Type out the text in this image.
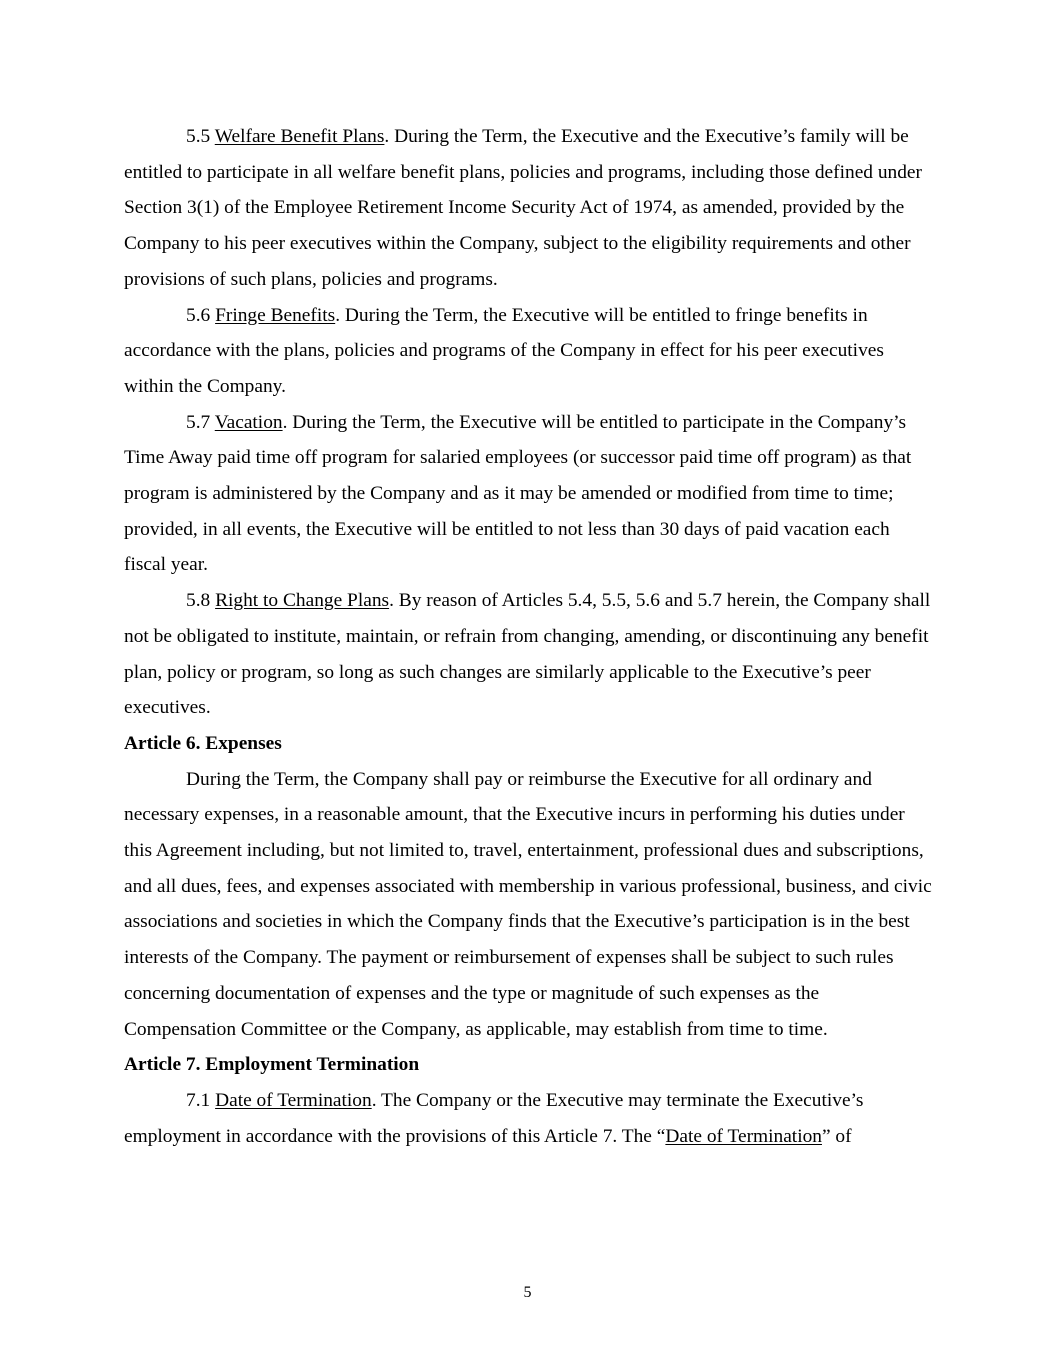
5.5 Welfare Benefit Plans. During the Term, the Executive and the Executive’s family will be entitled to participate in all welfare benefit plans, policies and programs, including those defined under Section 3(1) of the Employee Retirement Income Security Act of 1974, as amended, provided by the Company to his peer executives within the Company, subject to the eligibility requirements and other provisions of such plans, policies and programs.

5.6 Fringe Benefits. During the Term, the Executive will be entitled to fringe benefits in accordance with the plans, policies and programs of the Company in effect for his peer executives within the Company.

5.7 Vacation. During the Term, the Executive will be entitled to participate in the Company’s Time Away paid time off program for salaried employees (or successor paid time off program) as that program is administered by the Company and as it may be amended or modified from time to time; provided, in all events, the Executive will be entitled to not less than 30 days of paid vacation each fiscal year.

5.8 Right to Change Plans. By reason of Articles 5.4, 5.5, 5.6 and 5.7 herein, the Company shall not be obligated to institute, maintain, or refrain from changing, amending, or discontinuing any benefit plan, policy or program, so long as such changes are similarly applicable to the Executive’s peer executives.

Article 6. Expenses

During the Term, the Company shall pay or reimburse the Executive for all ordinary and necessary expenses, in a reasonable amount, that the Executive incurs in performing his duties under this Agreement including, but not limited to, travel, entertainment, professional dues and subscriptions, and all dues, fees, and expenses associated with membership in various professional, business, and civic associations and societies in which the Company finds that the Executive’s participation is in the best interests of the Company. The payment or reimbursement of expenses shall be subject to such rules concerning documentation of expenses and the type or magnitude of such expenses as the Compensation Committee or the Company, as applicable, may establish from time to time.

Article 7. Employment Termination

7.1 Date of Termination. The Company or the Executive may terminate the Executive’s employment in accordance with the provisions of this Article 7. The “Date of Termination” of

5
